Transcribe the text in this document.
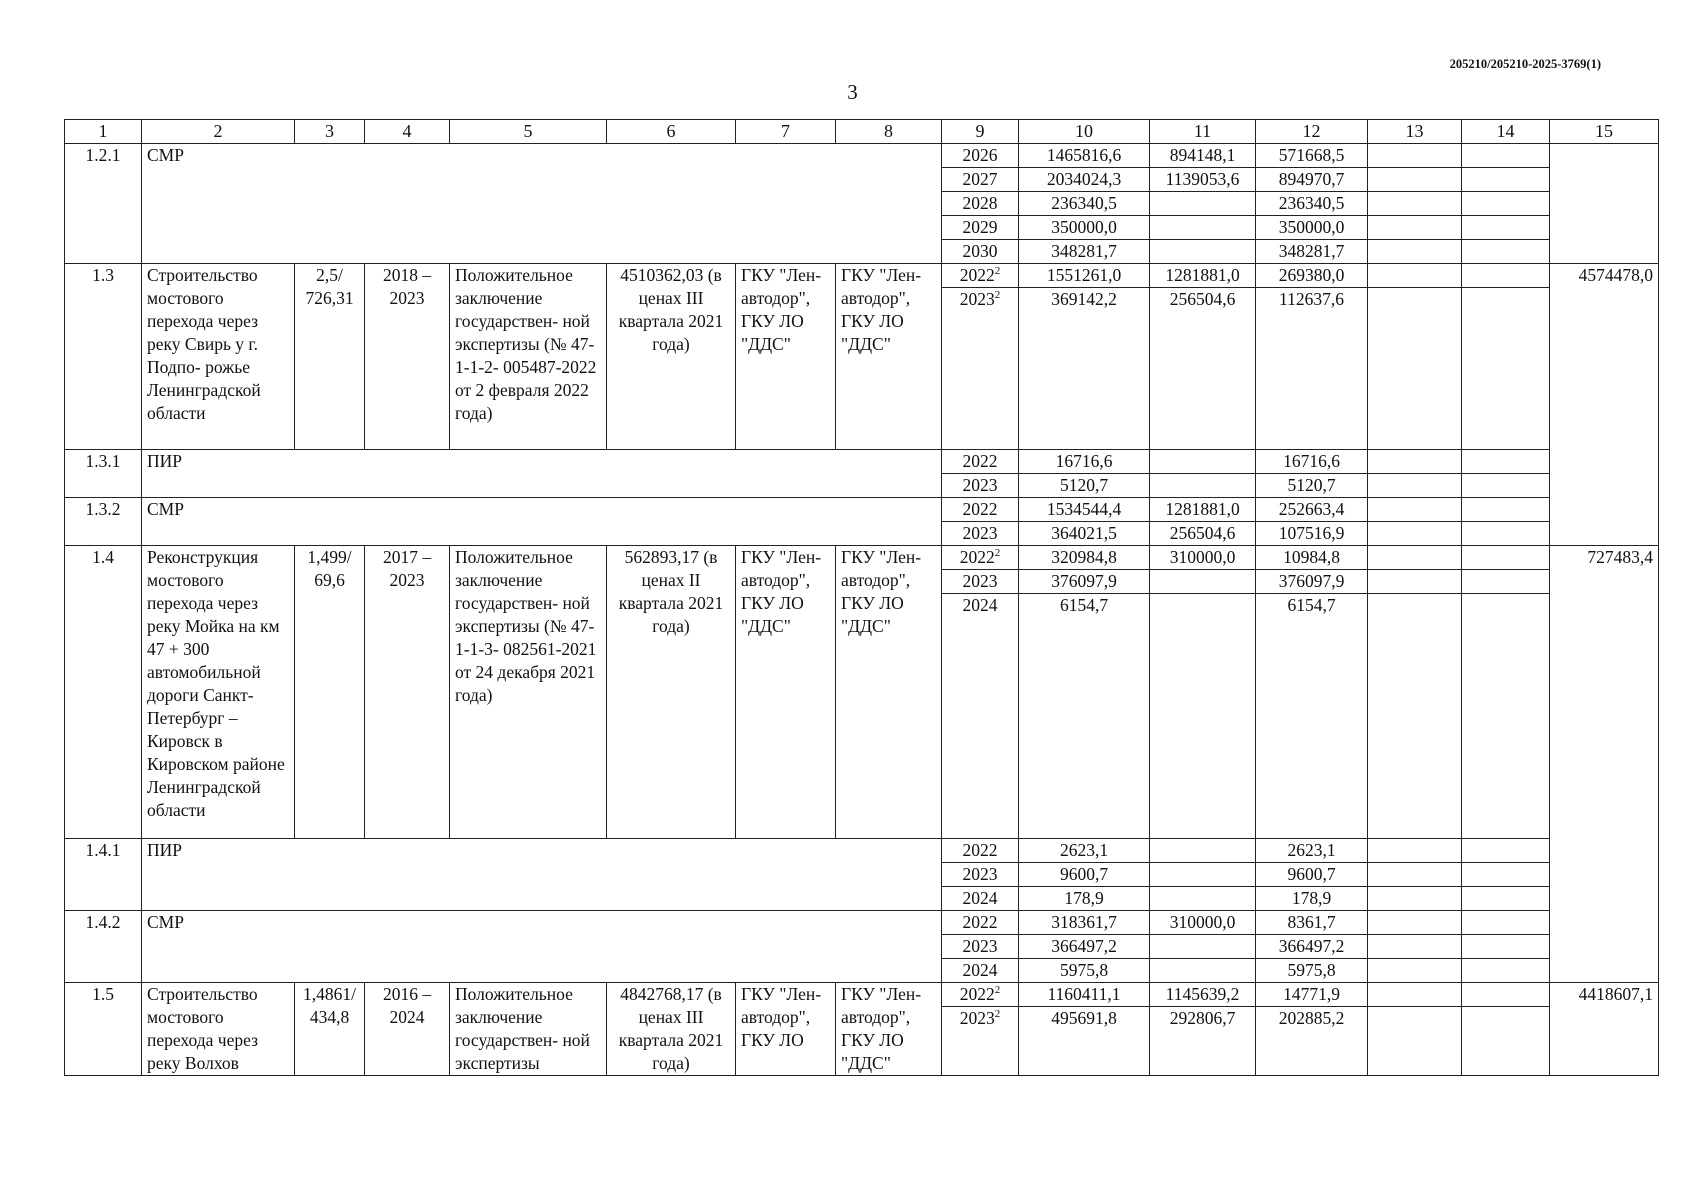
205210/205210-2025-3769(1)
3
1	2	3	4	5	6	7	8	9	10	11	12	13	14	15
1.2.1	СМР							2026	1465816,6	894148,1	571668,5			
								2027	2034024,3	1139053,6	894970,7			
								2028	236340,5		236340,5			
								2029	350000,0		350000,0			
								2030	348281,7		348281,7			
1.3	Строительство мостового перехода через реку Свирь у г. Подпо- рожье Ленинградской области	2,5/ 726,31	2018 – 2023	Положительное заключение государствен- ной экспертизы (№ 47-1-1-2- 005487-2022 от 2 февраля 2022 года)	4510362,03 (в ценах III квартала 2021 года)	ГКУ "Лен- автодор", ГКУ ЛО "ДДС"	ГКУ "Лен- автодор", ГКУ ЛО "ДДС"	2022$^2$	1551261,0	1281881,0	269380,0			4574478,0
								2023$^2$	369142,2	256504,6	112637,6			
1.3.1	ПИР							2022	16716,6		16716,6			
								2023	5120,7		5120,7			
1.3.2	СМР							2022	1534544,4	1281881,0	252663,4			
								2023	364021,5	256504,6	107516,9			
1.4	Реконструкция мостового перехода через реку Мойка на км 47 + 300 автомобильной дороги Санкт- Петербург – Кировск в Кировском районе Ленинградской области	1,499/ 69,6	2017 – 2023	Положительное заключение государствен- ной экспертизы (№ 47-1-1-3- 082561-2021 от 24 декабря 2021 года)	562893,17 (в ценах II квартала 2021 года)	ГКУ "Лен- автодор", ГКУ ЛО "ДДС"	ГКУ "Лен- автодор", ГКУ ЛО "ДДС"	2022$^2$	320984,8	310000,0	10984,8			727483,4
								2023	376097,9		376097,9			
								2024	6154,7		6154,7			
1.4.1	ПИР							2022	2623,1		2623,1			
								2023	9600,7		9600,7			
								2024	178,9		178,9			
1.4.2	СМР							2022	318361,7	310000,0	8361,7			
								2023	366497,2		366497,2			
								2024	5975,8		5975,8			
1.5	Строительство мостового перехода через реку Волхов	1,4861/ 434,8	2016 – 2024	Положительное заключение государствен- ной экспертизы	4842768,17 (в ценах III квартала 2021 года)	ГКУ "Лен- автодор", ГКУ ЛО	ГКУ "Лен- автодор", ГКУ ЛО "ДДС"	2022$^2$	1160411,1	1145639,2	14771,9			4418607,1
								2023$^2$	495691,8	292806,7	202885,2			
